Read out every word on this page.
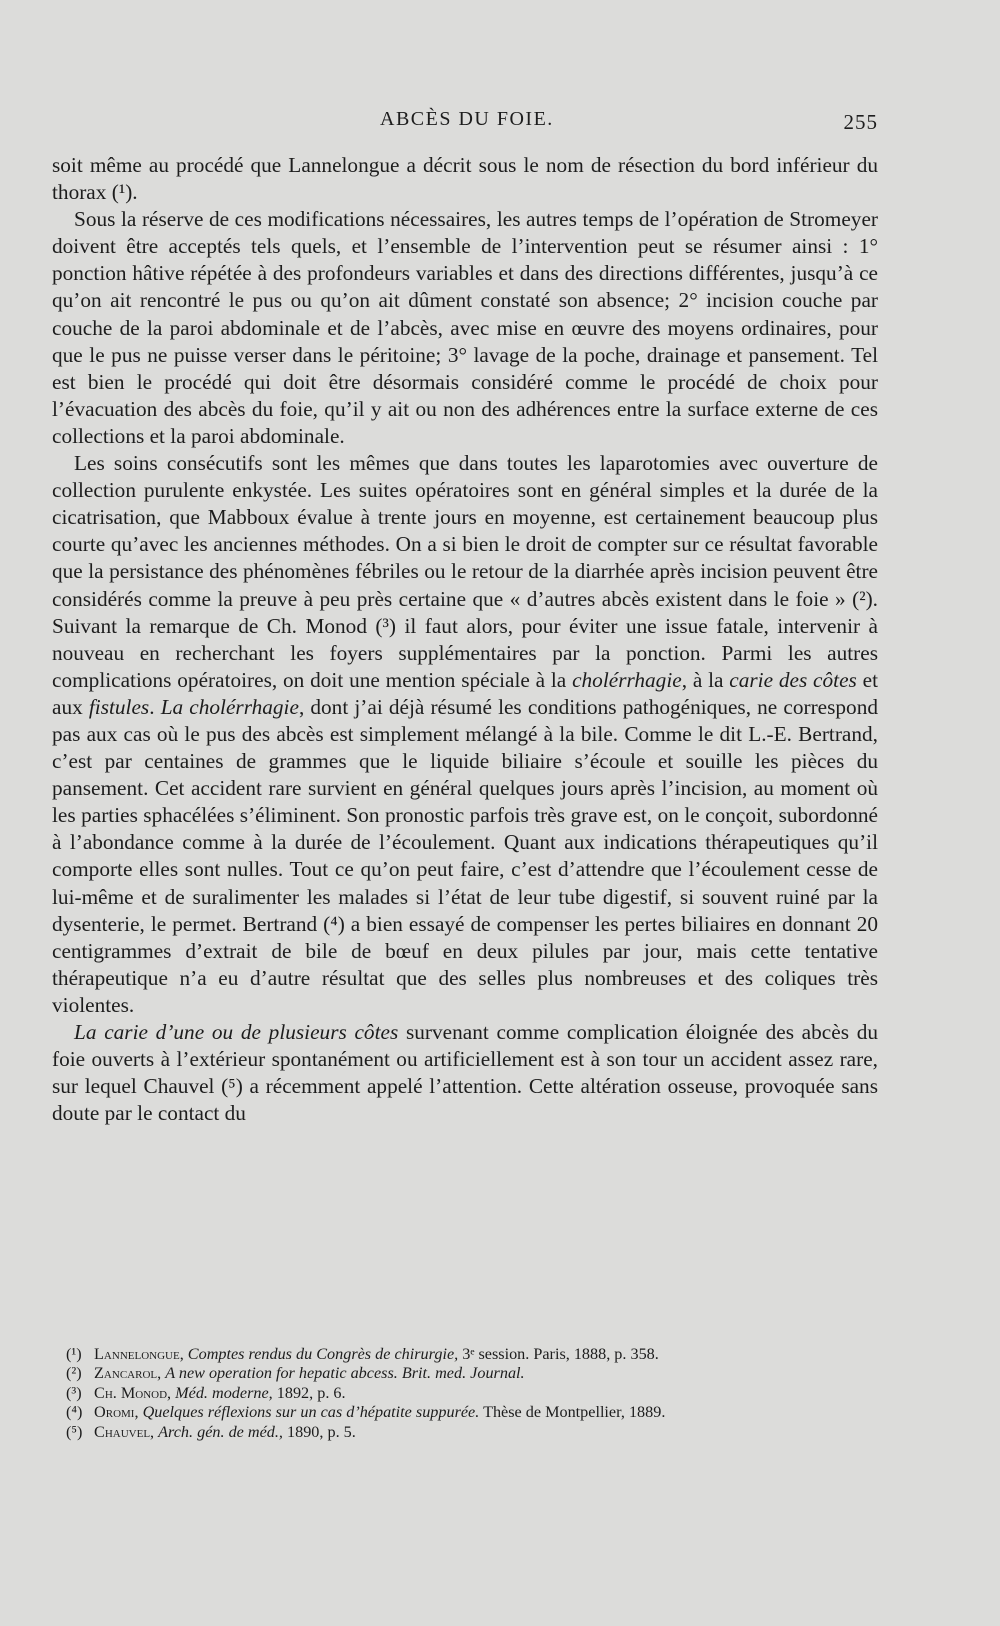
ABCÈS DU FOIE.	255

soit même au procédé que Lannelongue a décrit sous le nom de résection du bord inférieur du thorax (¹).

Sous la réserve de ces modifications nécessaires, les autres temps de l’opération de Stromeyer doivent être acceptés tels quels, et l’ensemble de l’intervention peut se résumer ainsi : 1° ponction hâtive répétée à des profondeurs variables et dans des directions différentes, jusqu’à ce qu’on ait rencontré le pus ou qu’on ait dûment constaté son absence; 2° incision couche par couche de la paroi abdominale et de l’abcès, avec mise en œuvre des moyens ordinaires, pour que le pus ne puisse verser dans le péritoine; 3° lavage de la poche, drainage et pansement. Tel est bien le procédé qui doit être désormais considéré comme le procédé de choix pour l’évacuation des abcès du foie, qu’il y ait ou non des adhérences entre la surface externe de ces collections et la paroi abdominale.

Les soins consécutifs sont les mêmes que dans toutes les laparotomies avec ouverture de collection purulente enkystée. Les suites opératoires sont en général simples et la durée de la cicatrisation, que Mabboux évalue à trente jours en moyenne, est certainement beaucoup plus courte qu’avec les anciennes méthodes. On a si bien le droit de compter sur ce résultat favorable que la persistance des phénomènes fébriles ou le retour de la diarrhée après incision peuvent être considérés comme la preuve à peu près certaine que « d’autres abcès existent dans le foie » (²). Suivant la remarque de Ch. Monod (³) il faut alors, pour éviter une issue fatale, intervenir à nouveau en recherchant les foyers supplémentaires par la ponction. Parmi les autres complications opératoires, on doit une mention spéciale à la cholérrhagie, à la carie des côtes et aux fistules. La cholérrhagie, dont j’ai déjà résumé les conditions pathogéniques, ne correspond pas aux cas où le pus des abcès est simplement mélangé à la bile. Comme le dit L.-E. Bertrand, c’est par centaines de grammes que le liquide biliaire s’écoule et souille les pièces du pansement. Cet accident rare survient en général quelques jours après l’incision, au moment où les parties sphacélées s’éliminent. Son pronostic parfois très grave est, on le conçoit, subordonné à l’abondance comme à la durée de l’écoulement. Quant aux indications thérapeutiques qu’il comporte elles sont nulles. Tout ce qu’on peut faire, c’est d’attendre que l’écoulement cesse de lui-même et de suralimenter les malades si l’état de leur tube digestif, si souvent ruiné par la dysenterie, le permet. Bertrand (⁴) a bien essayé de compenser les pertes biliaires en donnant 20 centigrammes d’extrait de bile de bœuf en deux pilules par jour, mais cette tentative thérapeutique n’a eu d’autre résultat que des selles plus nombreuses et des coliques très violentes.

La carie d’une ou de plusieurs côtes survenant comme complication éloignée des abcès du foie ouverts à l’extérieur spontanément ou artificiellement est à son tour un accident assez rare, sur lequel Chauvel (⁵) a récemment appelé l’attention. Cette altération osseuse, provoquée sans doute par le contact du

(¹) Lannelongue, Comptes rendus du Congrès de chirurgie, 3ᵉ session. Paris, 1888, p. 358.
(²) Zancarol, A new operation for hepatic abcess. Brit. med. Journal.
(³) Ch. Monod, Méd. moderne, 1892, p. 6.
(⁴) Oromi, Quelques réflexions sur un cas d’hépatite suppurée. Thèse de Montpellier, 1889.
(⁵) Chauvel, Arch. gén. de méd., 1890, p. 5.
